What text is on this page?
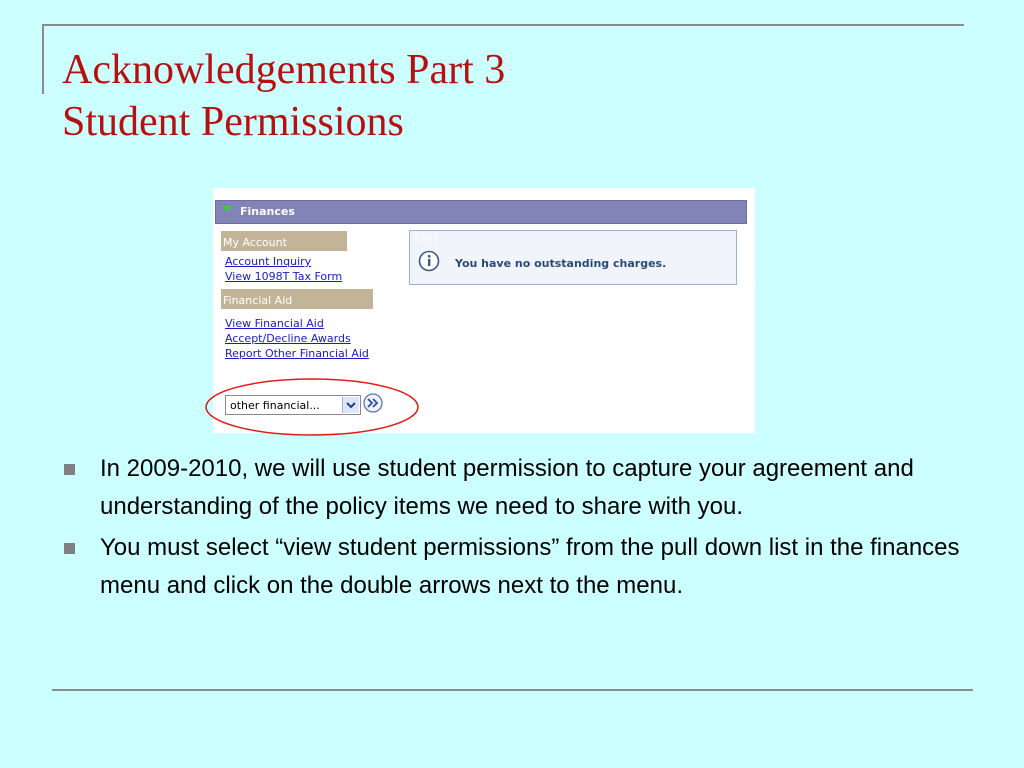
Acknowledgements Part 3
Student Permissions
Finances
My Account
Account Inquiry
View 1098T Tax Form
Financial Aid
View Financial Aid
Accept/Decline Awards
Report Other Financial Aid
1001
You have no outstanding charges.
other financial...
In 2009-2010, we will use student permission to capture your agreement and understanding of the policy items we need to share with you.
You must select “view student permissions” from the pull down list in the finances menu and click on the double arrows next to the menu.
